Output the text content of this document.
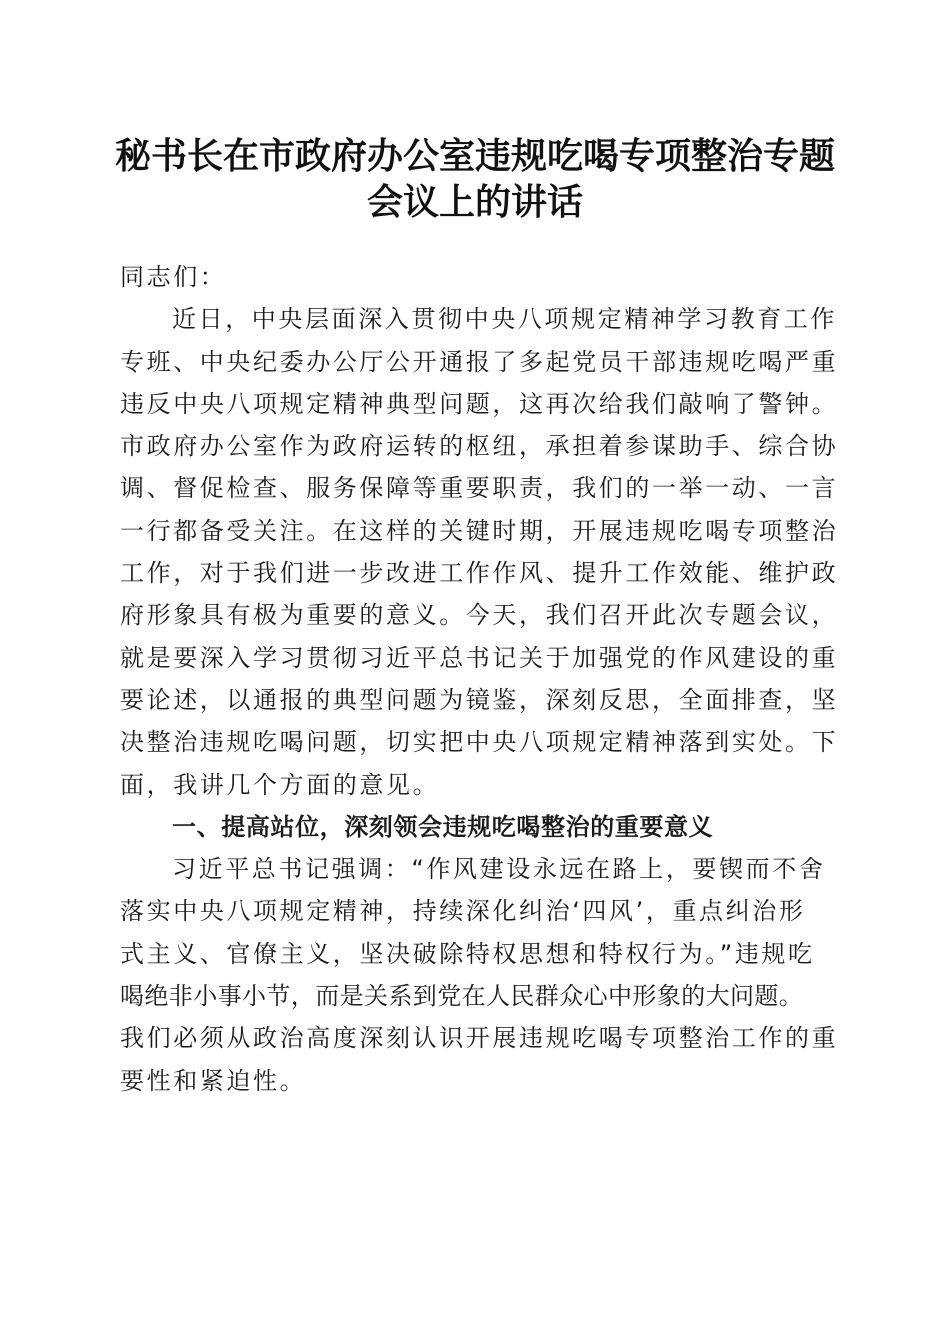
秘书长在市政府办公室违规吃喝专项整治专题
会议上的讲话
同志们：
近日，中央层面深入贯彻中央八项规定精神学习教育工作
专班、中央纪委办公厅公开通报了多起党员干部违规吃喝严重
违反中央八项规定精神典型问题，这再次给我们敲响了警钟。
市政府办公室作为政府运转的枢纽，承担着参谋助手、综合协
调、督促检查、服务保障等重要职责，我们的一举一动、一言
一行都备受关注。在这样的关键时期，开展违规吃喝专项整治
工作，对于我们进一步改进工作作风、提升工作效能、维护政
府形象具有极为重要的意义。今天，我们召开此次专题会议，
就是要深入学习贯彻习近平总书记关于加强党的作风建设的重
要论述，以通报的典型问题为镜鉴，深刻反思，全面排查，坚
决整治违规吃喝问题，切实把中央八项规定精神落到实处。下
面，我讲几个方面的意见。
一、提高站位，深刻领会违规吃喝整治的重要意义
习近平总书记强调：“作风建设永远在路上，要锲而不舍
落实中央八项规定精神，持续深化纠治‘四风’，重点纠治形
式主义、官僚主义，坚决破除特权思想和特权行为。”违规吃
喝绝非小事小节，而是关系到党在人民群众心中形象的大问题。
我们必须从政治高度深刻认识开展违规吃喝专项整治工作的重
要性和紧迫性。
